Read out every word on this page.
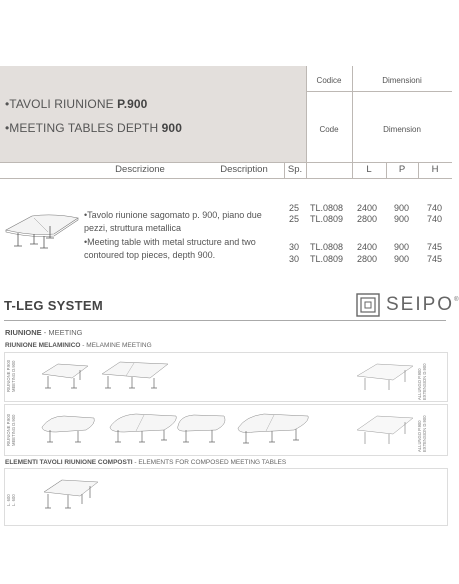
•TAVOLI RIUNIONE P.900
•MEETING TABLES DEPTH 900
Codice	Dimensioni
Code	Dimension
Descrizione	Description	Sp.	L	P	H
•Tavolo riunione sagomato p. 900, piano due pezzi, struttura metallica
•Meeting table with metal structure and two contoured top pieces, depth 900.
25 TL.0808 2400 900 740
25 TL.0809 2800 900 740
30 TL.0808 2400 900 745
30 TL.0809 2800 900 745
T-LEG SYSTEM	SEIPO ®
RIUNIONE - MEETING
RIUNIONE MELAMINICO - MELAMINE MEETING
RIUNIONE P.900 MEETING D.900	ALLUNGO P.900 EXTENSION D.900
RIUNIONE P.900 MEETING D.900	ALLUNGO P.900 EXTENSION D.900
ELEMENTI TAVOLI RIUNIONE COMPOSTI - ELEMENTS FOR COMPOSED MEETING TABLES
L. 600 L. 600
